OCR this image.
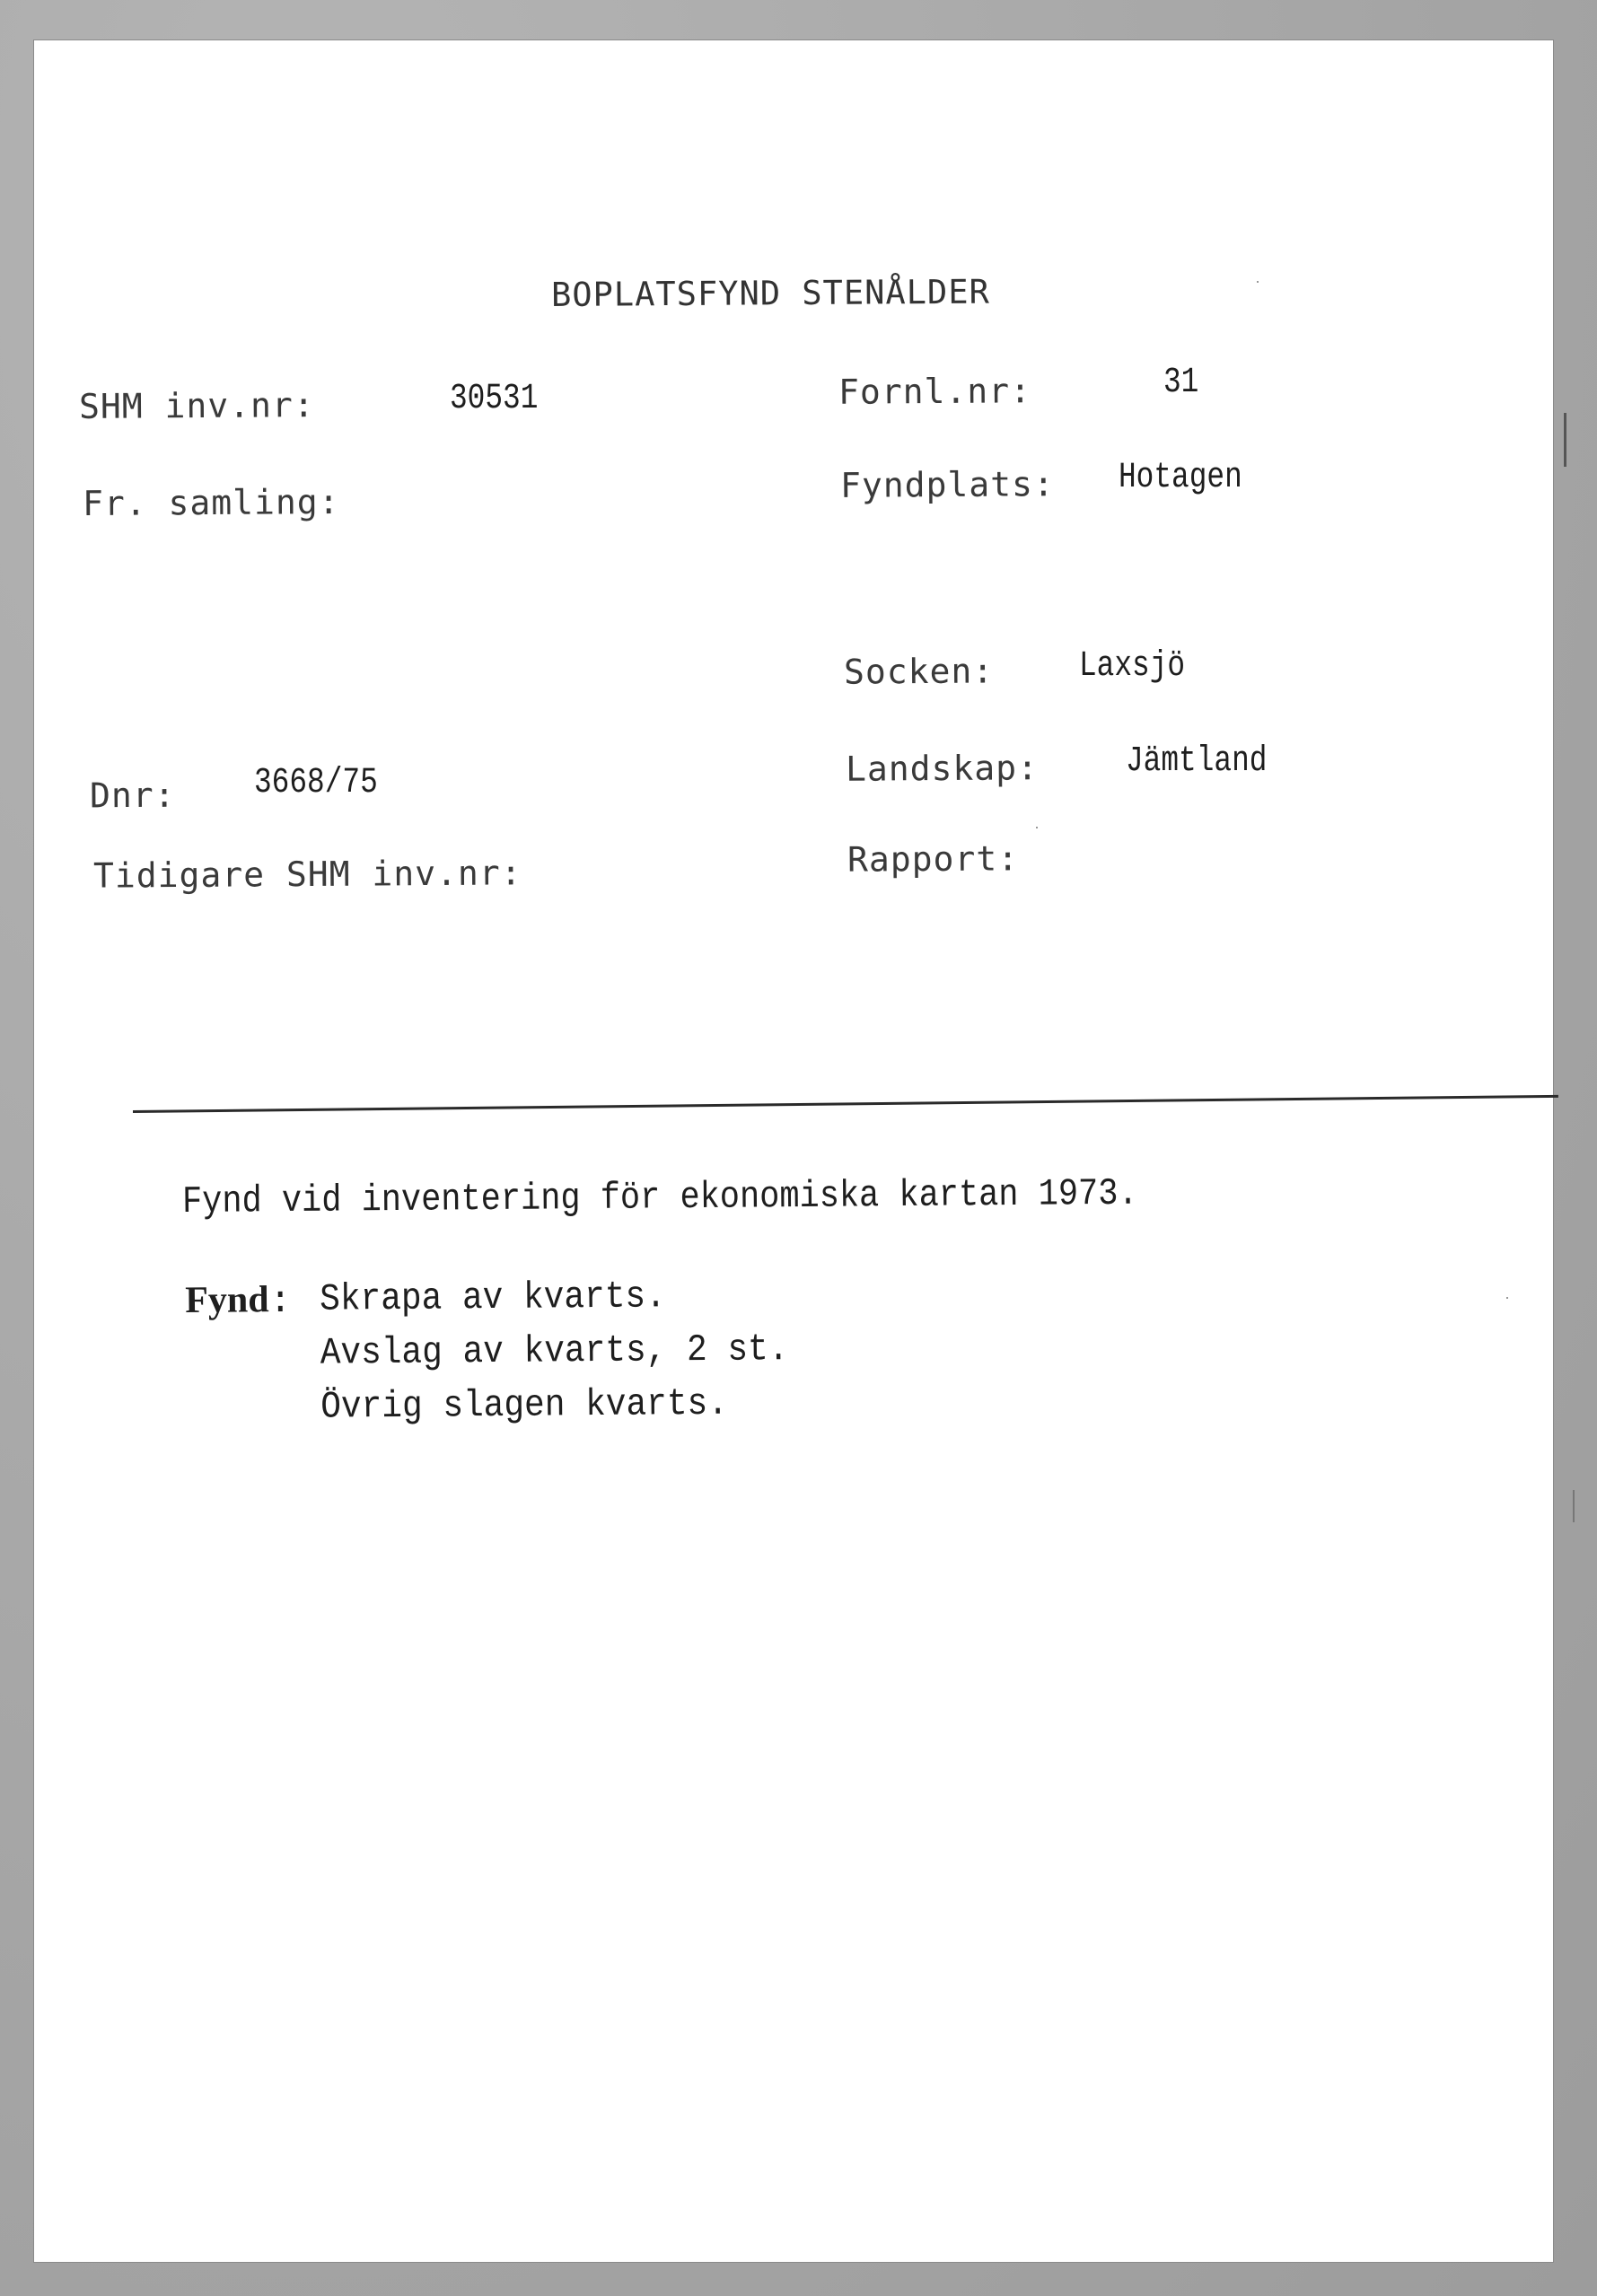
BOPLATSFYND STENÅLDER
SHM inv.nr:	30531
Fr. samling:
Dnr: 3668/75
Tidigare SHM inv.nr:
Fornl.nr:	31
Fyndplats: Hotagen
Socken: Laxsjö
Landskap: Jämtland
Rapport:
Fynd vid inventering för ekonomiska kartan 1973.
Fynd: Skrapa av kvarts.
Avslag av kvarts, 2 st.
Övrig slagen kvarts.
